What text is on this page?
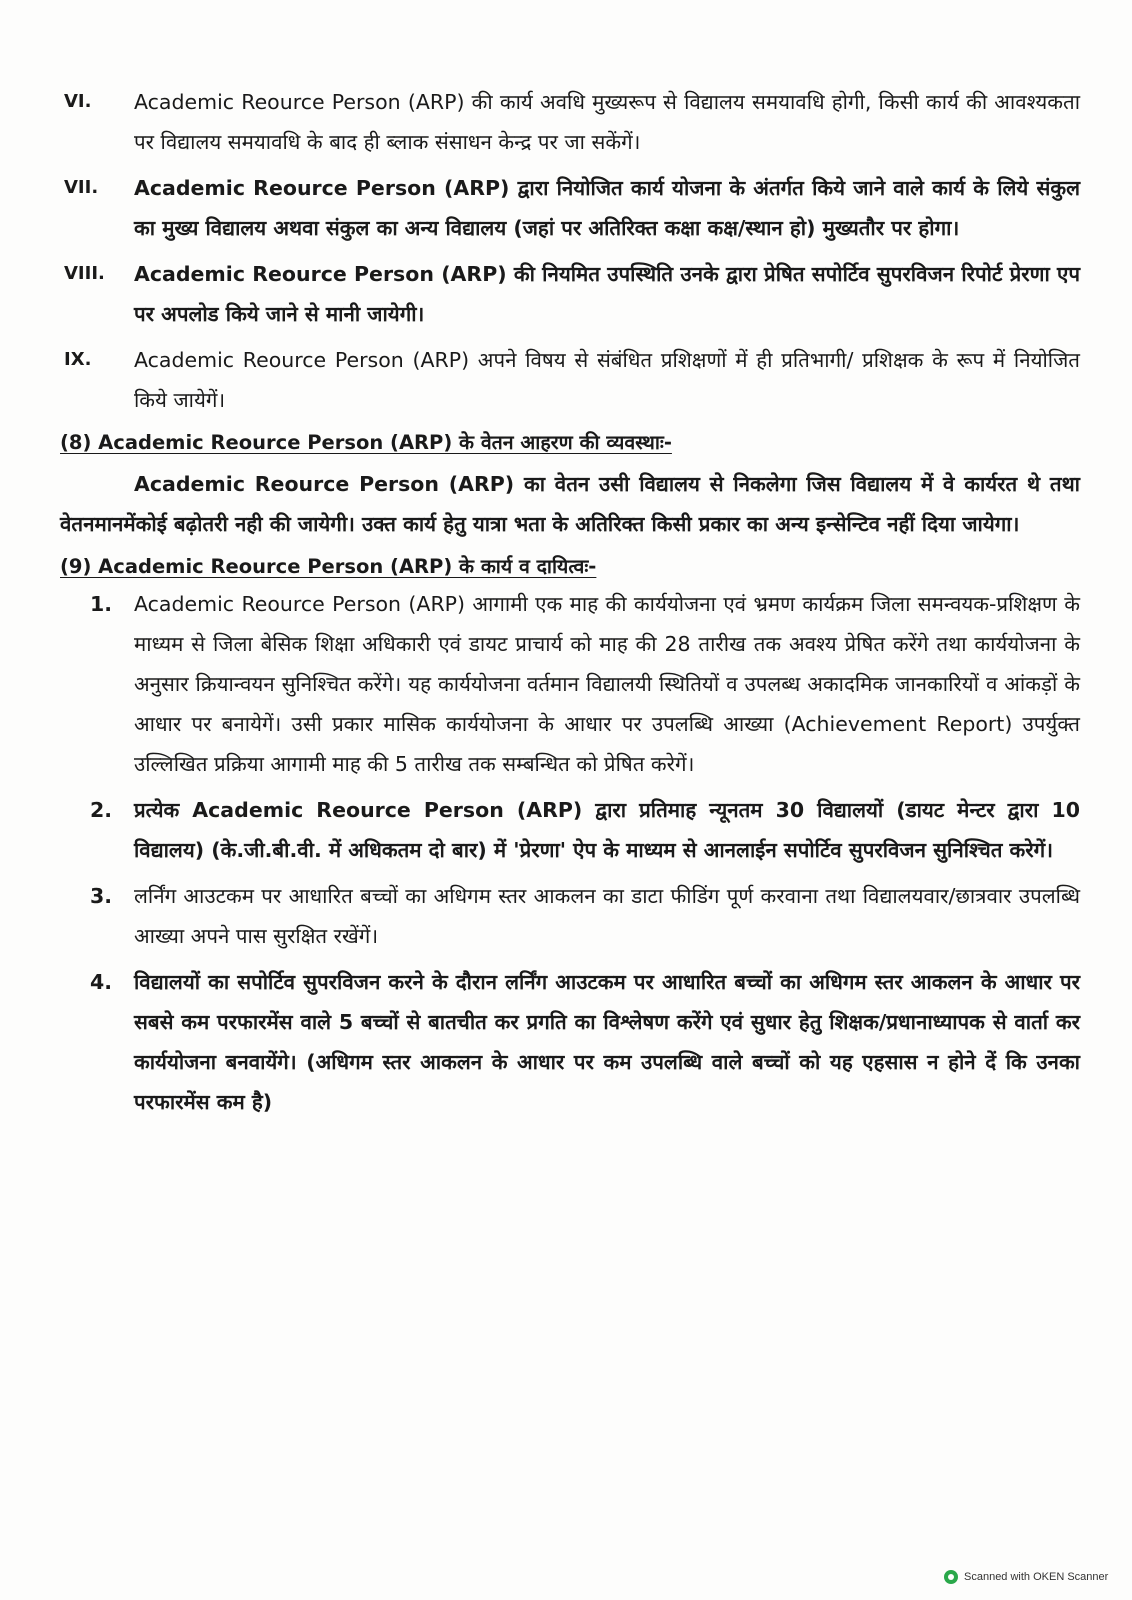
VI.	Academic Reource Person (ARP) की कार्य अवधि मुख्यरूप से विद्यालय समयावधि होगी, किसी कार्य की आवश्यकता पर विद्यालय समयावधि के बाद ही ब्लाक संसाधन केन्द्र पर जा सकेंगें।
VII.	Academic Reource Person (ARP) द्वारा नियोजित कार्य योजना के अंतर्गत किये जाने वाले कार्य के लिये संकुल का मुख्य विद्यालय अथवा संकुल का अन्य विद्यालय (जहां पर अतिरिक्त कक्षा कक्ष/स्थान हो) मुख्यतौर पर होगा।
VIII.	Academic Reource Person (ARP) की नियमित उपस्थिति उनके द्वारा प्रेषित सपोर्टिव सुपरविजन रिपोर्ट प्रेरणा एप पर अपलोड किये जाने से मानी जायेगी।
IX.	Academic Reource Person (ARP) अपने विषय से संबंधित प्रशिक्षणों में ही प्रतिभागी/ प्रशिक्षक के रूप में नियोजित किये जायेगें।
(8) Academic Reource Person (ARP) के वेतन आहरण की व्यवस्थाः-
Academic Reource Person (ARP) का वेतन उसी विद्यालय से निकलेगा जिस विद्यालय में वे कार्यरत थे तथा वेतनमानमेंकोई बढ़ोतरी नही की जायेगी। उक्त कार्य हेतु यात्रा भता के अतिरिक्त किसी प्रकार का अन्य इन्सेन्टिव नहीं दिया जायेगा।
(9) Academic Reource Person (ARP) के कार्य व दायित्वः-
1.	Academic Reource Person (ARP) आगामी एक माह की कार्ययोजना एवं भ्रमण कार्यक्रम जिला समन्वयक-प्रशिक्षण के माध्यम से जिला बेसिक शिक्षा अधिकारी एवं डायट प्राचार्य को माह की 28 तारीख तक अवश्य प्रेषित करेंगे तथा कार्ययोजना के अनुसार क्रियान्वयन सुनिश्चित करेंगे। यह कार्ययोजना वर्तमान विद्यालयी स्थितियों व उपलब्ध अकादमिक जानकारियों व आंकड़ों के आधार पर बनायेगें। उसी प्रकार मासिक कार्ययोजना के आधार पर उपलब्धि आख्या (Achievement Report) उपर्युक्त उल्लिखित प्रक्रिया आगामी माह की 5 तारीख तक सम्बन्धित को प्रेषित करेगें।
2.	प्रत्येक Academic Reource Person (ARP) द्वारा प्रतिमाह न्यूनतम 30 विद्यालयों (डायट मेन्टर द्वारा 10 विद्यालय) (के.जी.बी.वी. में अधिकतम दो बार) में 'प्रेरणा' ऐप के माध्यम से आनलाईन सपोर्टिव सुपरविजन सुनिश्चित करेगें।
3.	लर्निंग आउटकम पर आधारित बच्चों का अधिगम स्तर आकलन का डाटा फीडिंग पूर्ण करवाना तथा विद्यालयवार/छात्रवार उपलब्धि आख्या अपने पास सुरक्षित रखेंगें।
4.	विद्यालयों का सपोर्टिव सुपरविजन करने के दौरान लर्निंग आउटकम पर आधारित बच्चों का अधिगम स्तर आकलन के आधार पर सबसे कम परफारमेंस वाले 5 बच्चों से बातचीत कर प्रगति का विश्लेषण करेंगे एवं सुधार हेतु शिक्षक/प्रधानाध्यापक से वार्ता कर कार्ययोजना बनवायेंगे। (अधिगम स्तर आकलन के आधार पर कम उपलब्धि वाले बच्चों को यह एहसास न होने दें कि उनका परफारमेंस कम है)
Scanned with OKEN Scanner
